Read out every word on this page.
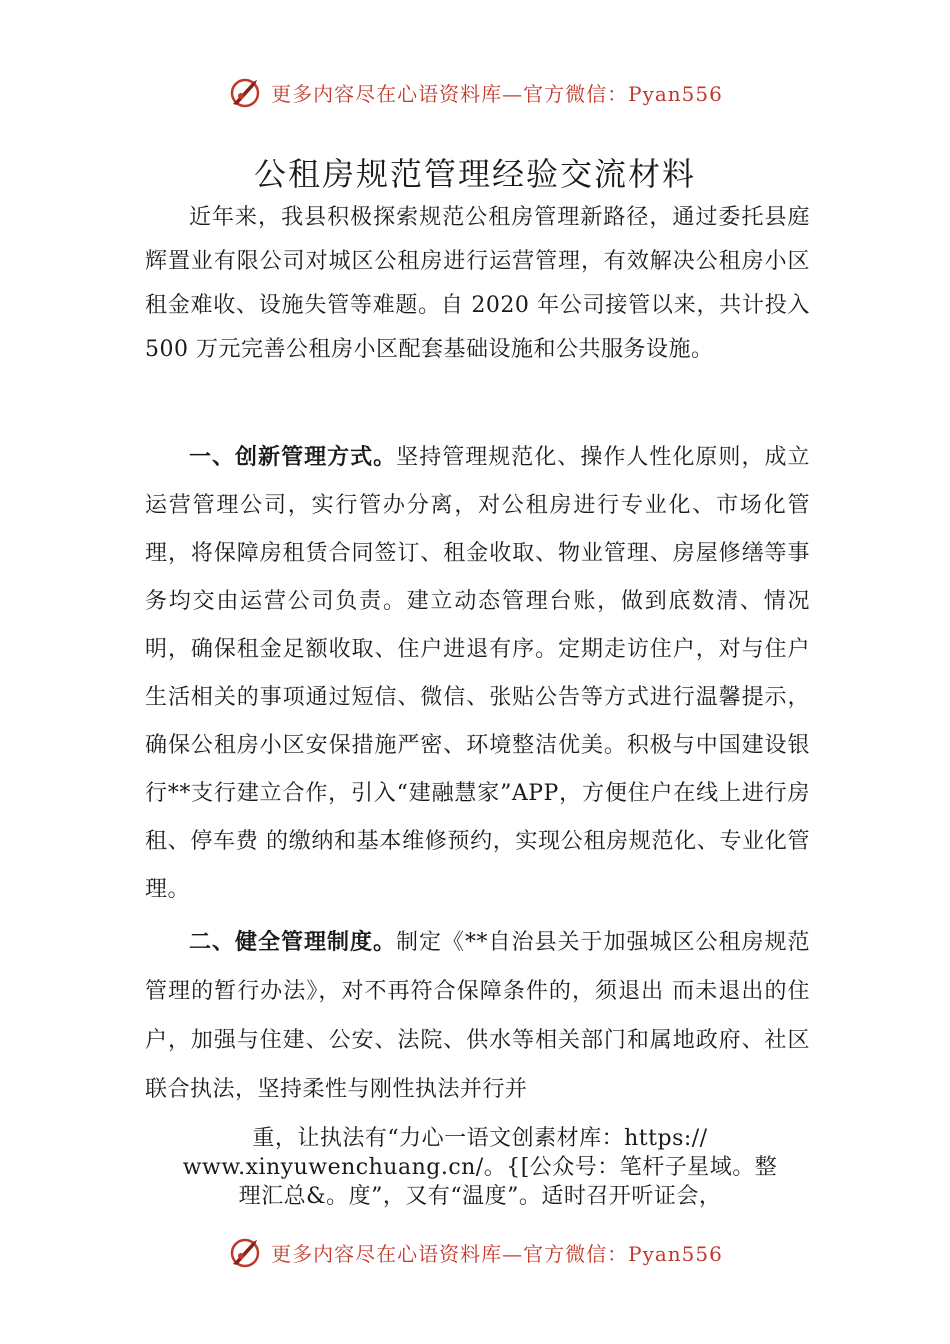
更多内容尽在心语资料库—官方微信：Pyan556
公租房规范管理经验交流材料

近年来，我县积极探索规范公租房管理新路径，通过委托县庭辉置业有限公司对城区公租房进行运营管理，有效解决公租房小区租金难收、设施失管等难题。自 2020 年公司接管以来，共计投入 500 万元完善公租房小区配套基础设施和公共服务设施。

一、创新管理方式。坚持管理规范化、操作人性化原则，成立运营管理公司，实行管办分离，对公租房进行专业化、市场化管理，将保障房租赁合同签订、租金收取、物业管理、房屋修缮等事务均交由运营公司负责。建立动态管理台账，做到底数清、情况明，确保租金足额收取、住户进退有序。定期走访住户，对与住户生活相关的事项通过短信、微信、张贴公告等方式进行温馨提示，确保公租房小区安保措施严密、环境整洁优美。积极与中国建设银行**支行建立合作，引入“建融慧家”APP，方便住户在线上进行房租、停车费 的缴纳和基本维修预约，实现公租房规范化、专业化管理。

二、健全管理制度。制定《**自治县关于加强城区公租房规范管理的暂行办法》，对不再符合保障条件的，须退出 而未退出的住户，加强与住建、公安、法院、供水等相关部门和属地政府、社区联合执法，坚持柔性与刚性执法并行并

重，让执法有“力心一语文创素材库：https://
www.xinyuwenchuang.cn/。{[公众号：笔杆子星域。整
理汇总&。度”，又有“温度”。适时召开听证会，
更多内容尽在心语资料库—官方微信：Pyan556
